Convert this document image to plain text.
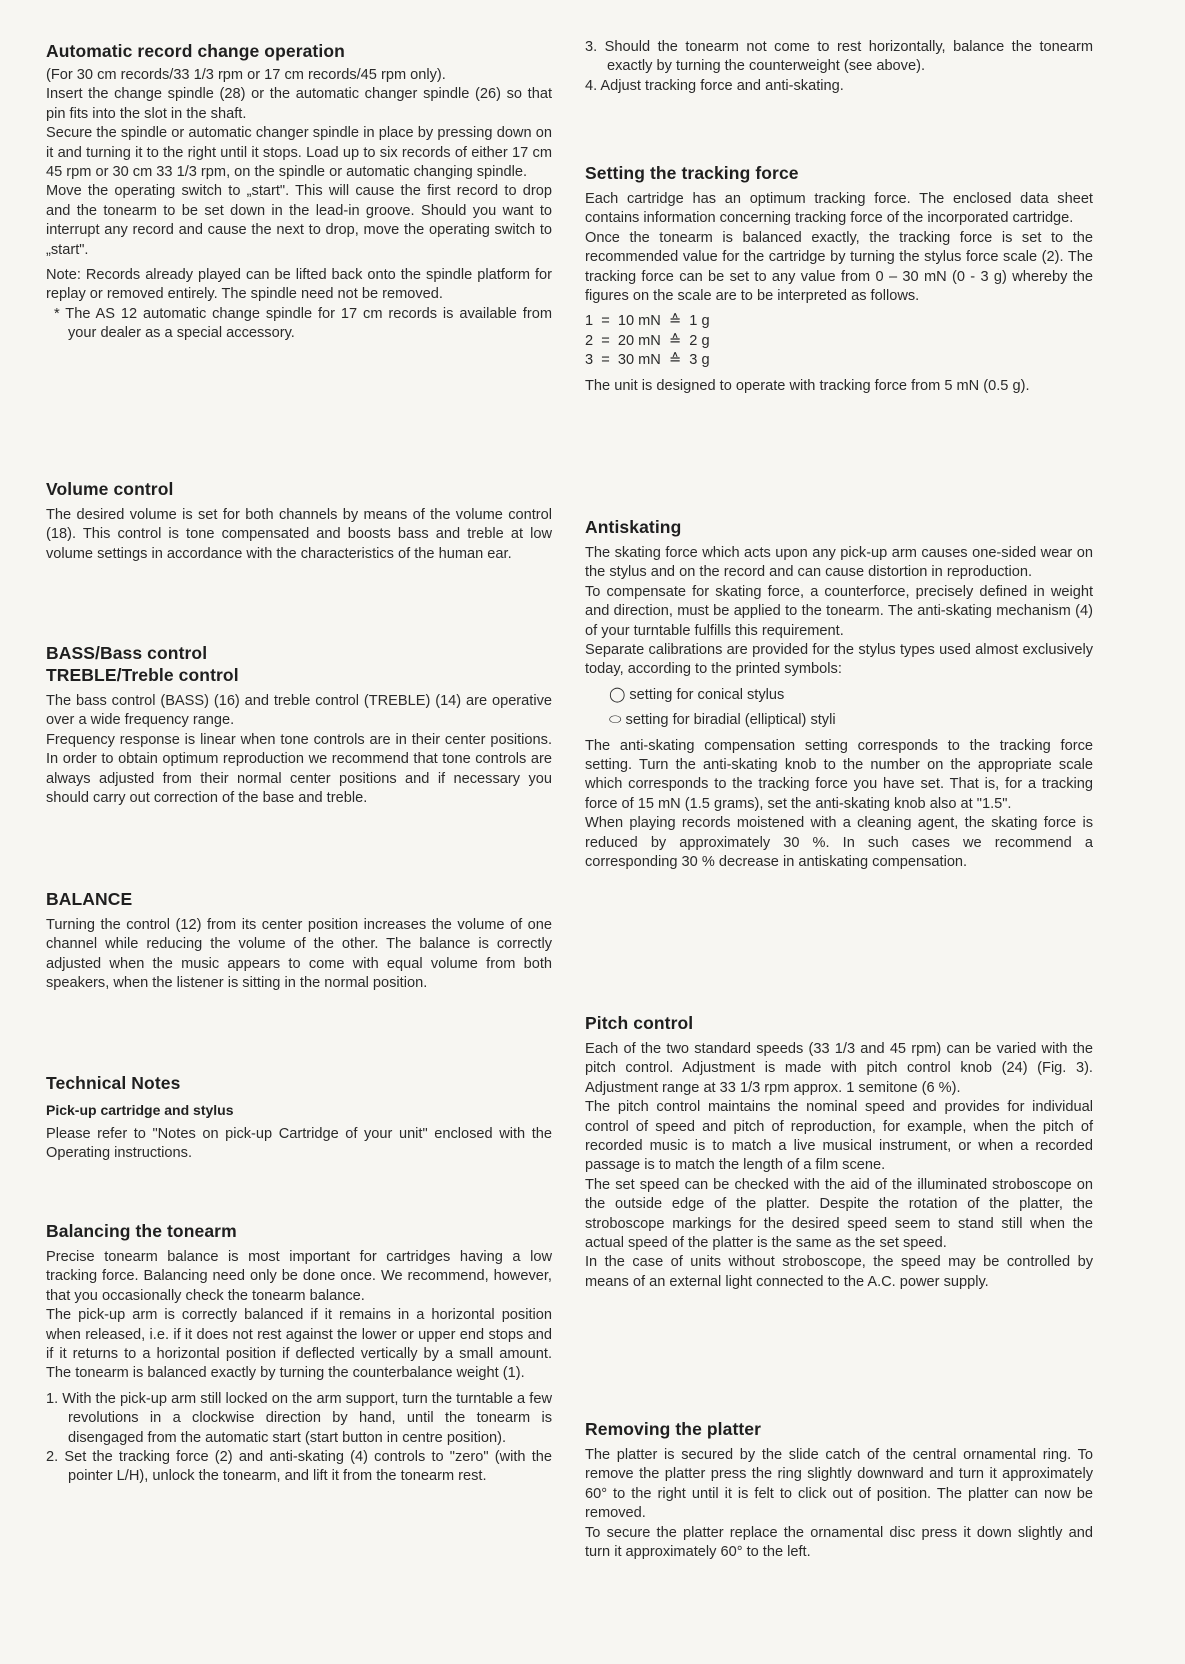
Automatic record change operation

(For 30 cm records/33 1/3 rpm or 17 cm records/45 rpm only).

Insert the change spindle (28) or the automatic changer spindle (26) so that pin fits into the slot in the shaft.

Secure the spindle or automatic changer spindle in place by pressing down on it and turning it to the right until it stops. Load up to six records of either 17 cm 45 rpm or 30 cm 33 1/3 rpm, on the spindle or automatic changing spindle.

Move the operating switch to „start". This will cause the first record to drop and the tonearm to be set down in the lead-in groove. Should you want to interrupt any record and cause the next to drop, move the operating switch to „start".

Note: Records already played can be lifted back onto the spindle platform for replay or removed entirely. The spindle need not be removed.

* The AS 12 automatic change spindle for 17 cm records is available from your dealer as a special accessory.

Volume control

The desired volume is set for both channels by means of the volume control (18). This control is tone compensated and boosts bass and treble at low volume settings in accordance with the characteristics of the human ear.

BASS/Bass control
TREBLE/Treble control

The bass control (BASS) (16) and treble control (TREBLE) (14) are operative over a wide frequency range.

Frequency response is linear when tone controls are in their center positions. In order to obtain optimum reproduction we recommend that tone controls are always adjusted from their normal center positions and if necessary you should carry out correction of the base and treble.

BALANCE

Turning the control (12) from its center position increases the volume of one channel while reducing the volume of the other. The balance is correctly adjusted when the music appears to come with equal volume from both speakers, when the listener is sitting in the normal position.

Technical Notes
Pick-up cartridge and stylus

Please refer to "Notes on pick-up Cartridge of your unit" enclosed with the Operating instructions.

Balancing the tonearm

Precise tonearm balance is most important for cartridges having a low tracking force. Balancing need only be done once. We recommend, however, that you occasionally check the tonearm balance.

The pick-up arm is correctly balanced if it remains in a horizontal position when released, i.e. if it does not rest against the lower or upper end stops and if it returns to a horizontal position if deflected vertically by a small amount. The tonearm is balanced exactly by turning the counterbalance weight (1).

1. With the pick-up arm still locked on the arm support, turn the turntable a few revolutions in a clockwise direction by hand, until the tonearm is disengaged from the automatic start (start button in centre position).
2. Set the tracking force (2) and anti-skating (4) controls to "zero" (with the pointer L/H), unlock the tonearm, and lift it from the tonearm rest.
3. Should the tonearm not come to rest horizontally, balance the tonearm exactly by turning the counterweight (see above).
4. Adjust tracking force and anti-skating.
Setting the tracking force

Each cartridge has an optimum tracking force. The enclosed data sheet contains information concerning tracking force of the incorporated cartridge.

Once the tonearm is balanced exactly, the tracking force is set to the recommended value for the cartridge by turning the stylus force scale (2). The tracking force can be set to any value from 0 – 30 mN (0 - 3 g) whereby the figures on the scale are to be interpreted as follows.

1  =  10 mN  ≙  1 g

2  =  20 mN  ≙  2 g

3  =  30 mN  ≙  3 g

The unit is designed to operate with tracking force from 5 mN (0.5 g).

Antiskating

The skating force which acts upon any pick-up arm causes one-sided wear on the stylus and on the record and can cause distortion in reproduction.

To compensate for skating force, a counterforce, precisely defined in weight and direction, must be applied to the tonearm. The anti-skating mechanism (4) of your turntable fulfills this requirement.

Separate calibrations are provided for the stylus types used almost exclusively today, according to the printed symbols:

◯ setting for conical stylus

⬭ setting for biradial (elliptical) styli

The anti-skating compensation setting corresponds to the tracking force setting. Turn the anti-skating knob to the number on the appropriate scale which corresponds to the tracking force you have set. That is, for a tracking force of 15 mN (1.5 grams), set the anti-skating knob also at "1.5".

When playing records moistened with a cleaning agent, the skating force is reduced by approximately 30 %. In such cases we recommend a corresponding 30 % decrease in antiskating compensation.

Pitch control

Each of the two standard speeds (33 1/3 and 45 rpm) can be varied with the pitch control. Adjustment is made with pitch control knob (24) (Fig. 3). Adjustment range at 33 1/3 rpm approx. 1 semitone (6 %).

The pitch control maintains the nominal speed and provides for individual control of speed and pitch of reproduction, for example, when the pitch of recorded music is to match a live musical instrument, or when a recorded passage is to match the length of a film scene.

The set speed can be checked with the aid of the illuminated stroboscope on the outside edge of the platter. Despite the rotation of the platter, the stroboscope markings for the desired speed seem to stand still when the actual speed of the platter is the same as the set speed.

In the case of units without stroboscope, the speed may be controlled by means of an external light connected to the A.C. power supply.

Removing the platter

The platter is secured by the slide catch of the central ornamental ring. To remove the platter press the ring slightly downward and turn it approximately 60° to the right until it is felt to click out of position. The platter can now be removed.

To secure the platter replace the ornamental disc press it down slightly and turn it approximately 60° to the left.
